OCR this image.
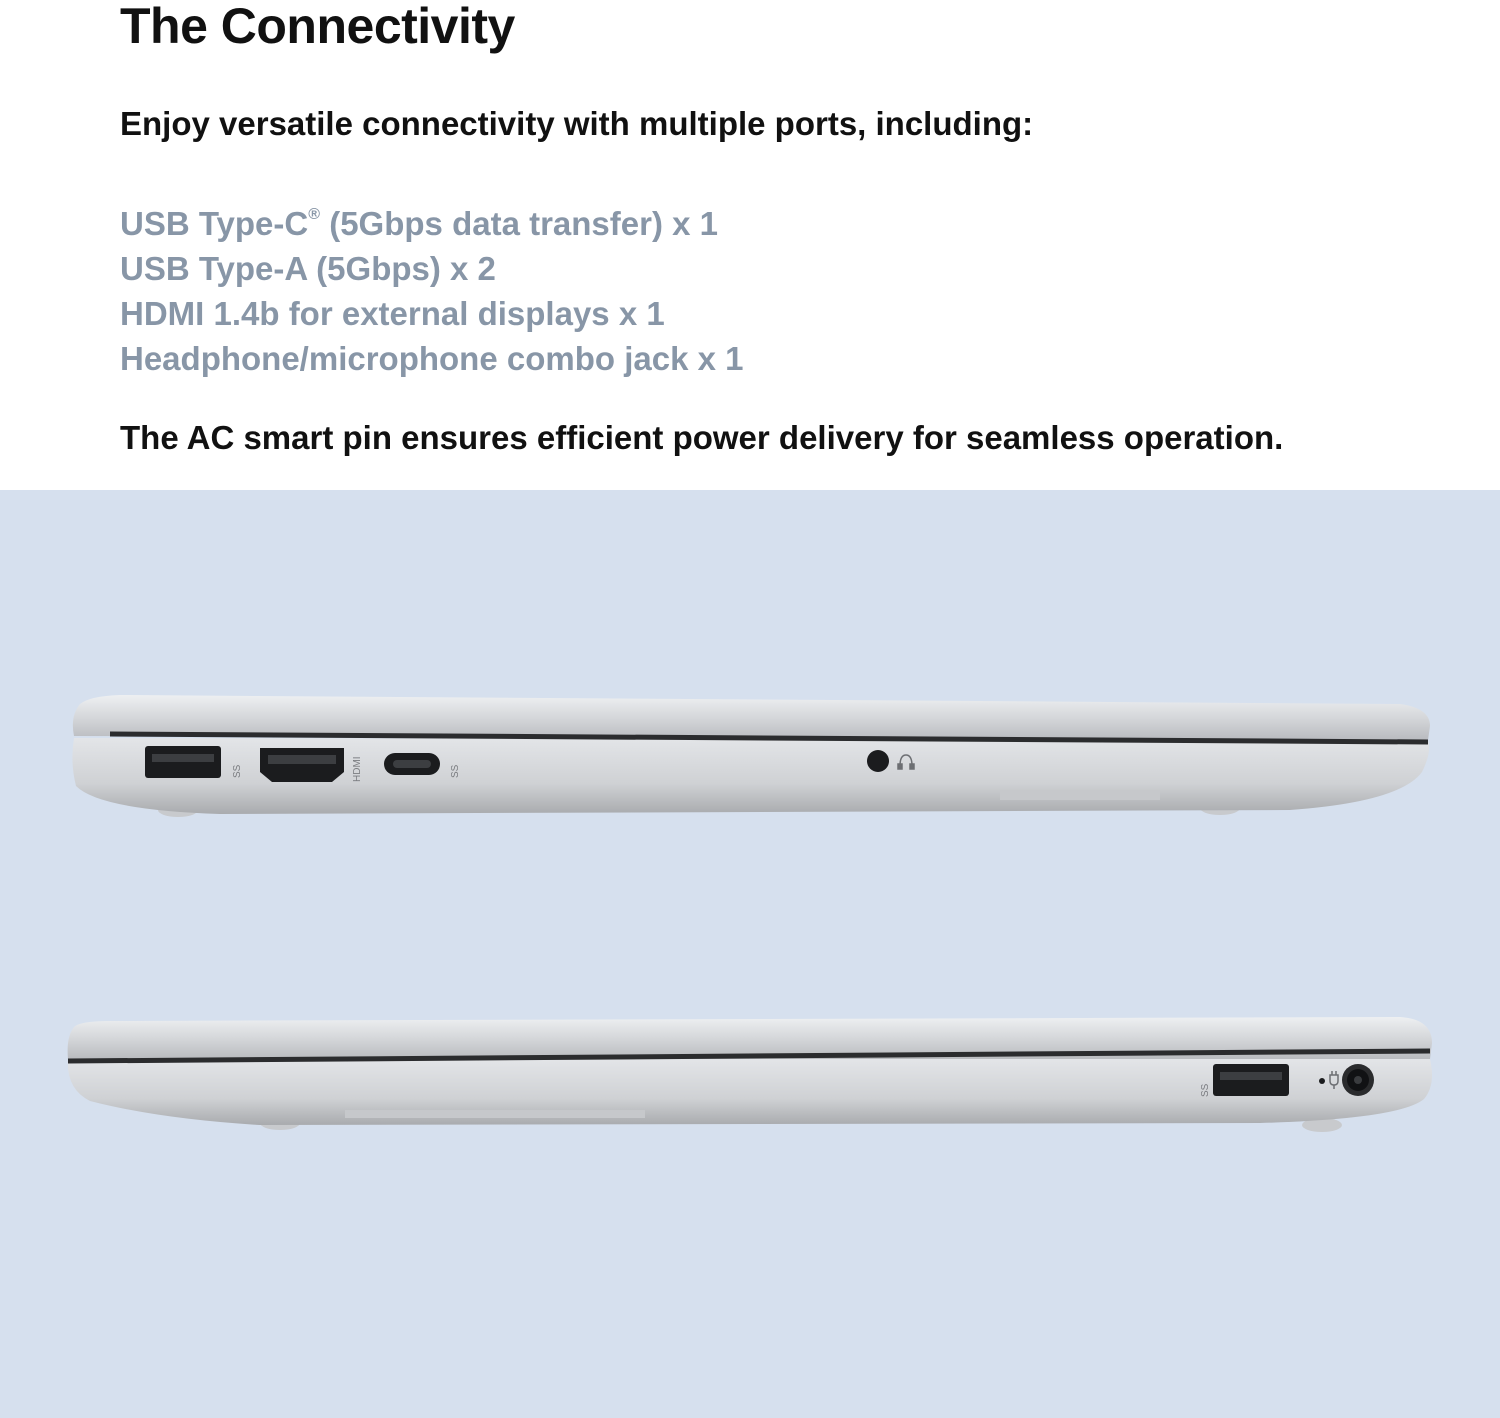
The Connectivity

Enjoy versatile connectivity with multiple ports, including:

USB Type-C® (5Gbps data transfer) x 1
USB Type-A (5Gbps) x 2
HDMI 1.4b for external displays x 1
Headphone/microphone combo jack x 1

The AC smart pin ensures efficient power delivery for seamless operation.

SS	HDMI	SS
SS
